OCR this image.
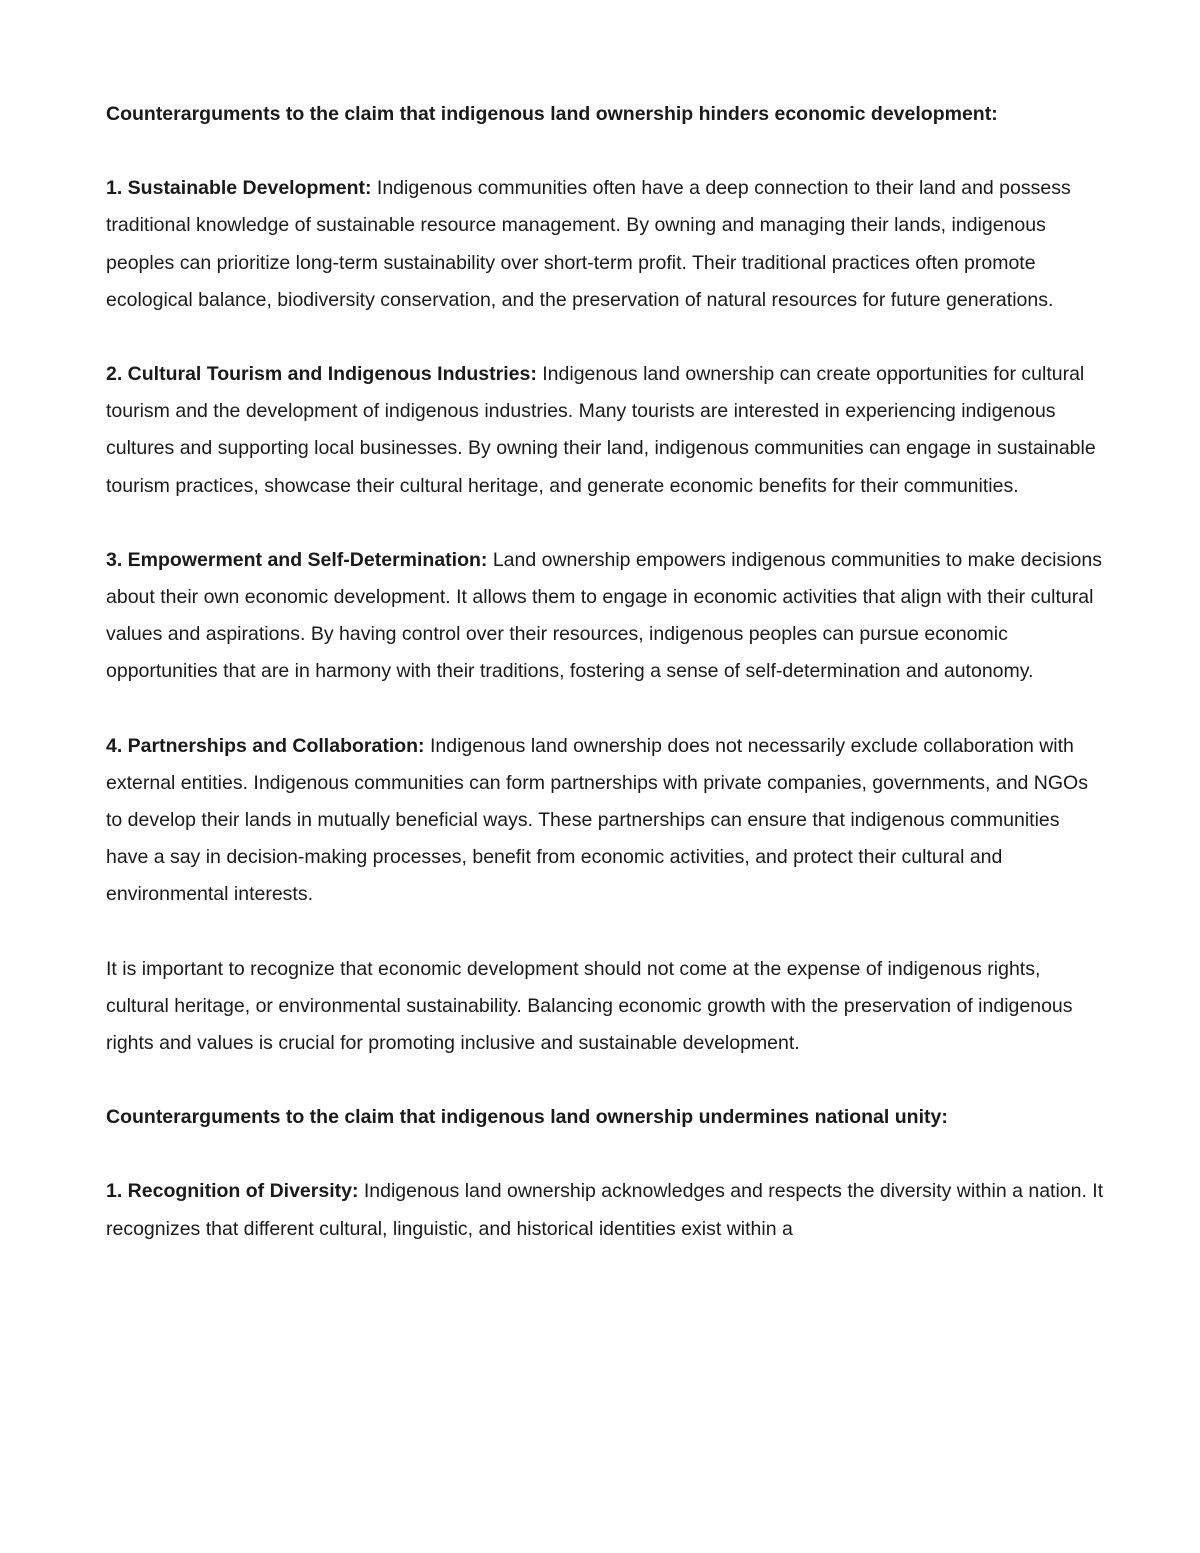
Counterarguments to the claim that indigenous land ownership hinders economic development:

1. Sustainable Development: Indigenous communities often have a deep connection to their land and possess traditional knowledge of sustainable resource management. By owning and managing their lands, indigenous peoples can prioritize long-term sustainability over short-term profit. Their traditional practices often promote ecological balance, biodiversity conservation, and the preservation of natural resources for future generations.

2. Cultural Tourism and Indigenous Industries: Indigenous land ownership can create opportunities for cultural tourism and the development of indigenous industries. Many tourists are interested in experiencing indigenous cultures and supporting local businesses. By owning their land, indigenous communities can engage in sustainable tourism practices, showcase their cultural heritage, and generate economic benefits for their communities.

3. Empowerment and Self-Determination: Land ownership empowers indigenous communities to make decisions about their own economic development. It allows them to engage in economic activities that align with their cultural values and aspirations. By having control over their resources, indigenous peoples can pursue economic opportunities that are in harmony with their traditions, fostering a sense of self-determination and autonomy.

4. Partnerships and Collaboration: Indigenous land ownership does not necessarily exclude collaboration with external entities. Indigenous communities can form partnerships with private companies, governments, and NGOs to develop their lands in mutually beneficial ways. These partnerships can ensure that indigenous communities have a say in decision-making processes, benefit from economic activities, and protect their cultural and environmental interests.

It is important to recognize that economic development should not come at the expense of indigenous rights, cultural heritage, or environmental sustainability. Balancing economic growth with the preservation of indigenous rights and values is crucial for promoting inclusive and sustainable development.

Counterarguments to the claim that indigenous land ownership undermines national unity:

1. Recognition of Diversity: Indigenous land ownership acknowledges and respects the diversity within a nation. It recognizes that different cultural, linguistic, and historical identities exist within a
